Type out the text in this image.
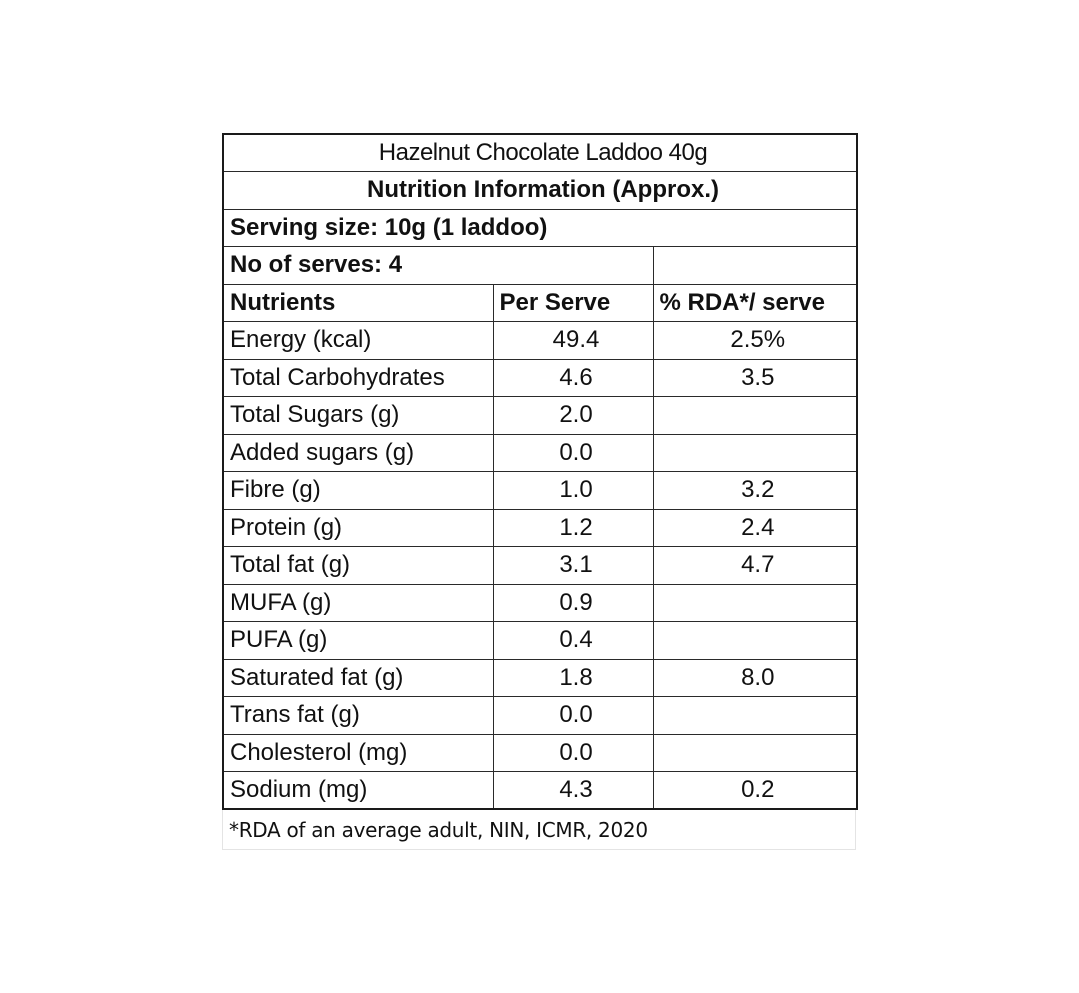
Hazelnut Chocolate Laddoo 40g		
Nutrition Information (Approx.)		
Serving size: 10g (1 laddoo)		
No of serves: 4		
Nutrients	Per Serve	% RDA*/ serve
Energy (kcal)	49.4	2.5%
Total Carbohydrates	4.6	3.5
Total Sugars (g)	2.0	
Added sugars (g)	0.0	
Fibre (g)	1.0	3.2
Protein (g)	1.2	2.4
Total fat (g)	3.1	4.7
MUFA (g)	0.9	
PUFA (g)	0.4	
Saturated fat (g)	1.8	8.0
Trans fat (g)	0.0	
Cholesterol (mg)	0.0	
Sodium (mg)	4.3	0.2
*RDA of an average adult, NIN, ICMR, 2020
